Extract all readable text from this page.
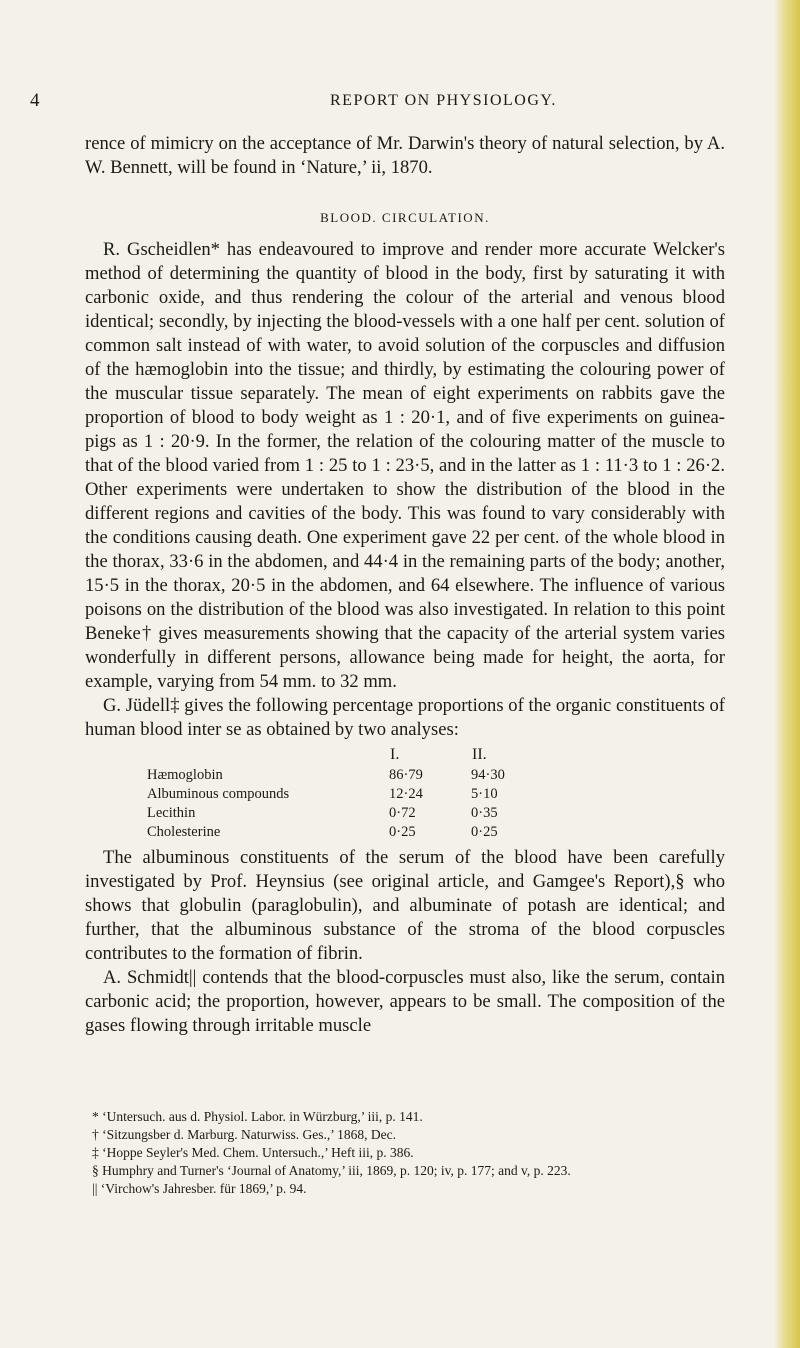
4	REPORT ON PHYSIOLOGY.

rence of mimicry on the acceptance of Mr. Darwin's theory of natural selection, by A. W. Bennett, will be found in ‘Nature,’ ii, 1870.

BLOOD. CIRCULATION.

R. Gscheidlen* has endeavoured to improve and render more accurate Welcker's method of determining the quantity of blood in the body, first by saturating it with carbonic oxide, and thus rendering the colour of the arterial and venous blood identical; secondly, by injecting the blood-vessels with a one half per cent. solution of common salt instead of with water, to avoid solution of the corpuscles and diffusion of the hæmoglobin into the tissue; and thirdly, by estimating the colouring power of the muscular tissue separately. The mean of eight experiments on rabbits gave the proportion of blood to body weight as 1 : 20·1, and of five experiments on guinea-pigs as 1 : 20·9. In the former, the relation of the colouring matter of the muscle to that of the blood varied from 1 : 25 to 1 : 23·5, and in the latter as 1 : 11·3 to 1 : 26·2. Other experiments were undertaken to show the distribution of the blood in the different regions and cavities of the body. This was found to vary considerably with the conditions causing death. One experiment gave 22 per cent. of the whole blood in the thorax, 33·6 in the abdomen, and 44·4 in the remaining parts of the body; another, 15·5 in the thorax, 20·5 in the abdomen, and 64 elsewhere. The influence of various poisons on the distribution of the blood was also investigated. In relation to this point Beneke† gives measurements showing that the capacity of the arterial system varies wonderfully in different persons, allowance being made for height, the aorta, for example, varying from 54 mm. to 32 mm.

G. Jüdell‡ gives the following percentage proportions of the organic constituents of human blood inter se as obtained by two analyses:

	I.	II.
Hæmoglobin	86·79	94·30
Albuminous compounds	12·24	5·10
Lecithin	0·72	0·35
Cholesterine	0·25	0·25

The albuminous constituents of the serum of the blood have been carefully investigated by Prof. Heynsius (see original article, and Gamgee's Report),§ who shows that globulin (paraglobulin), and albuminate of potash are identical; and further, that the albuminous substance of the stroma of the blood corpuscles contributes to the formation of fibrin.

A. Schmidt|| contends that the blood-corpuscles must also, like the serum, contain carbonic acid; the proportion, however, appears to be small. The composition of the gases flowing through irritable muscle

* ‘Untersuch. aus d. Physiol. Labor. in Würzburg,’ iii, p. 141.
† ‘Sitzungsber d. Marburg. Naturwiss. Ges.,’ 1868, Dec.
‡ ‘Hoppe Seyler's Med. Chem. Untersuch.,’ Heft iii, p. 386.
§ Humphry and Turner's ‘Journal of Anatomy,’ iii, 1869, p. 120; iv, p. 177; and v, p. 223.
|| ‘Virchow's Jahresber. für 1869,’ p. 94.
